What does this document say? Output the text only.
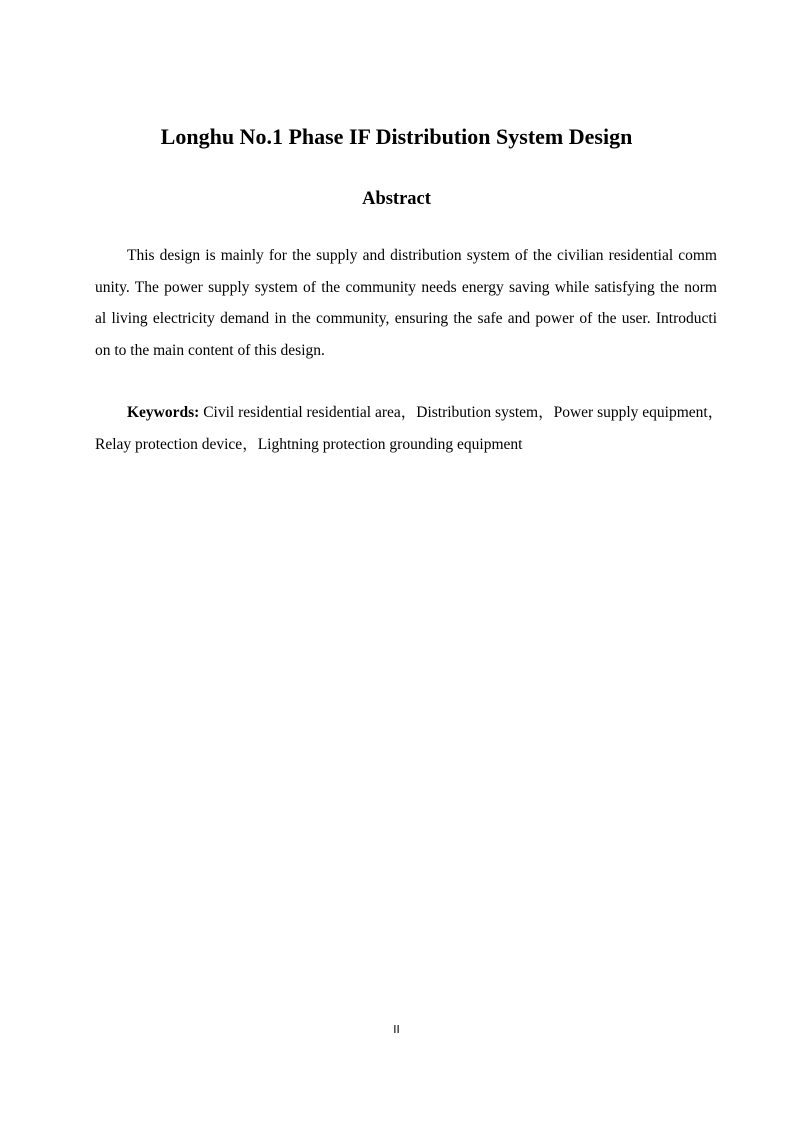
Longhu No.1 Phase IF Distribution System Design
Abstract
This design is mainly for the supply and distribution system of the civilian residential comm
unity. The power supply system of the community needs energy saving while satisfying the norm
al living electricity demand in the community, ensuring the safe and power of the user. Introducti
on to the main content of this design.
Keywords: Civil residential residential area，Distribution system，Power supply equipment，
Relay protection device，Lightning protection grounding equipment
II
